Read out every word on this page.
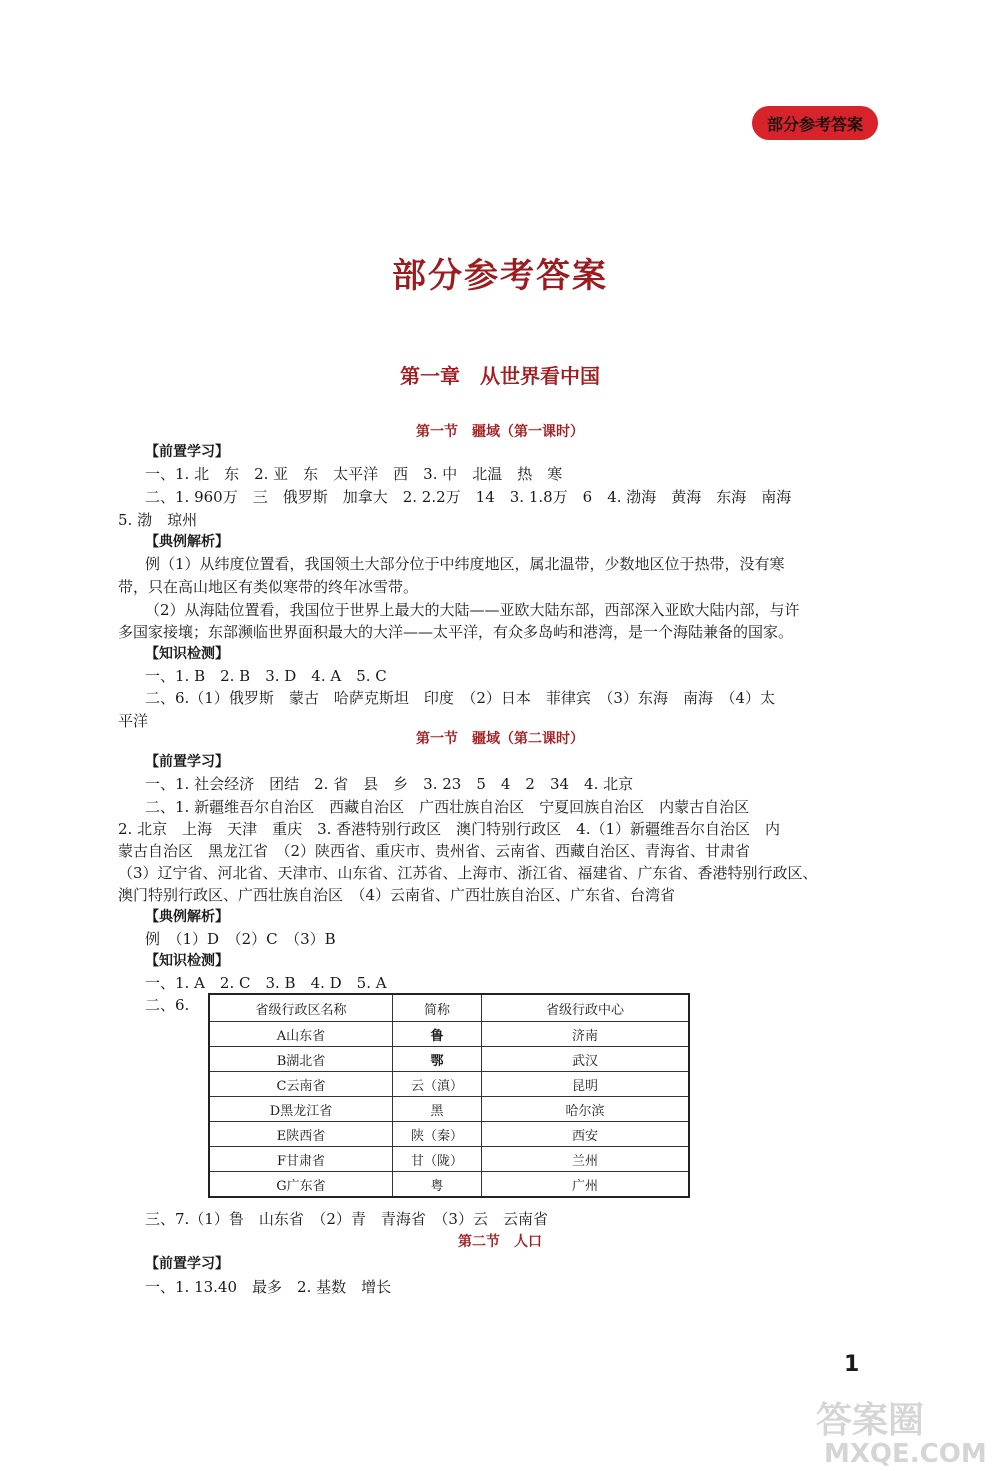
部分参考答案
部分参考答案
第一章　从世界看中国
第一节　疆域（第一课时）
【前置学习】
一、1. 北　东　2. 亚　东　太平洋　西　3. 中　北温　热　寒
二、1. 960万　三　俄罗斯　加拿大　2. 2.2万　14　3. 1.8万　6　4. 渤海　黄海　东海　南海
5. 渤　琼州
【典例解析】
例（1）从纬度位置看，我国领土大部分位于中纬度地区，属北温带，少数地区位于热带，没有寒
带，只在高山地区有类似寒带的终年冰雪带。
（2）从海陆位置看，我国位于世界上最大的大陆——亚欧大陆东部，西部深入亚欧大陆内部，与许
多国家接壤；东部濒临世界面积最大的大洋——太平洋，有众多岛屿和港湾，是一个海陆兼备的国家。
【知识检测】
一、1. B　2. B　3. D　4. A　5. C
二、6.（1）俄罗斯　蒙古　哈萨克斯坦　印度　（2）日本　菲律宾　（3）东海　南海　（4）太
平洋
第一节　疆域（第二课时）
【前置学习】
一、1. 社会经济　团结　2. 省　县　乡　3. 23　5　4　2　34　4. 北京
二、1. 新疆维吾尔自治区　西藏自治区　广西壮族自治区　宁夏回族自治区　内蒙古自治区
2. 北京　上海　天津　重庆　3. 香港特别行政区　澳门特别行政区　4.（1）新疆维吾尔自治区　内
蒙古自治区　黑龙江省　（2）陕西省、重庆市、贵州省、云南省、西藏自治区、青海省、甘肃省
（3）辽宁省、河北省、天津市、山东省、江苏省、上海市、浙江省、福建省、广东省、香港特别行政区、
澳门特别行政区、广西壮族自治区　（4）云南省、广西壮族自治区、广东省、台湾省
【典例解析】
例　（1）D　（2）C　（3）B
【知识检测】
一、1. A　2. C　3. B　4. D　5. A
二、6.	省级行政区名称	简称	省级行政中心
A山东省	鲁	济南
B湖北省	鄂	武汉
C云南省	云（滇）	昆明
D黑龙江省	黑	哈尔滨
E陕西省	陕（秦）	西安
F甘肃省	甘（陇）	兰州
G广东省	粤	广州
三、7.（1）鲁　山东省　（2）青　青海省　（3）云　云南省
第二节　人口
【前置学习】
一、1. 13.40　最多　2. 基数　增长
1
答案圈
MXQE.COM
